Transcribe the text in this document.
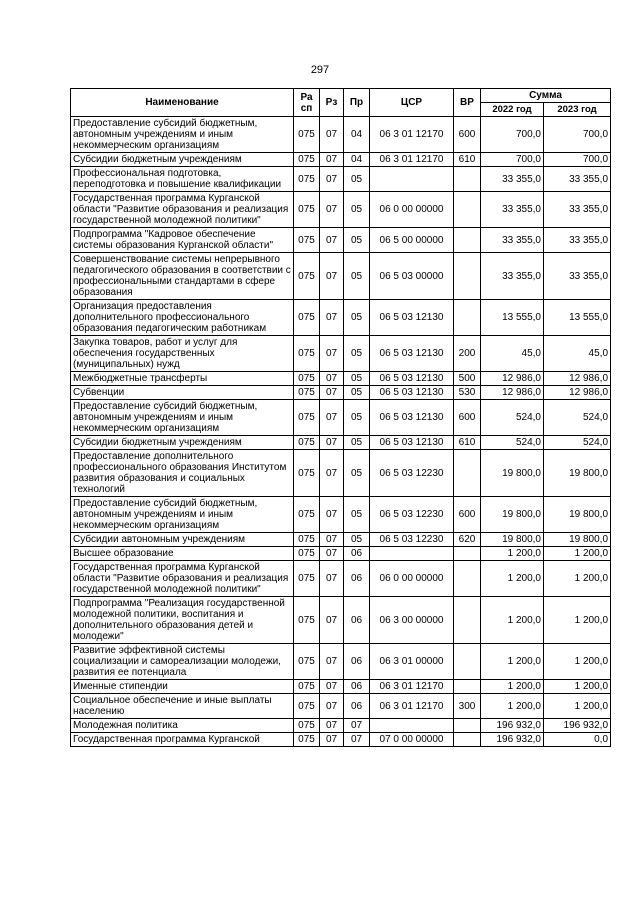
297
Наименование	Ра сп	Рз	Пр	ЦСР	ВР	Сумма	
						2022 год	2023 год
Предоставление субсидий бюджетным, автономным учреждениям и иным некоммерческим организациям	075	07	04	06 3 01 12170	600	700,0	700,0
Субсидии бюджетным учреждениям	075	07	04	06 3 01 12170	610	700,0	700,0
Профессиональная подготовка, переподготовка и повышение квалификации	075	07	05			33 355,0	33 355,0
Государственная программа Курганской области "Развитие образования и реализация государственной молодежной политики"	075	07	05	06 0 00 00000		33 355,0	33 355,0
Подпрограмма "Кадровое обеспечение системы образования Курганской области"	075	07	05	06 5 00 00000		33 355,0	33 355,0
Совершенствование системы непрерывного педагогического образования в соответствии с профессиональными стандартами в сфере образования	075	07	05	06 5 03 00000		33 355,0	33 355,0
Организация предоставления дополнительного профессионального образования педагогическим работникам	075	07	05	06 5 03 12130		13 555,0	13 555,0
Закупка товаров, работ и услуг для обеспечения государственных (муниципальных) нужд	075	07	05	06 5 03 12130	200	45,0	45,0
Межбюджетные трансферты	075	07	05	06 5 03 12130	500	12 986,0	12 986,0
Субвенции	075	07	05	06 5 03 12130	530	12 986,0	12 986,0
Предоставление субсидий бюджетным, автономным учреждениям и иным некоммерческим организациям	075	07	05	06 5 03 12130	600	524,0	524,0
Субсидии бюджетным учреждениям	075	07	05	06 5 03 12130	610	524,0	524,0
Предоставление дополнительного профессионального образования Институтом развития образования и социальных технологий	075	07	05	06 5 03 12230		19 800,0	19 800,0
Предоставление субсидий бюджетным, автономным учреждениям и иным некоммерческим организациям	075	07	05	06 5 03 12230	600	19 800,0	19 800,0
Субсидии автономным учреждениям	075	07	05	06 5 03 12230	620	19 800,0	19 800,0
Высшее образование	075	07	06			1 200,0	1 200,0
Государственная программа Курганской области "Развитие образования и реализация государственной молодежной политики"	075	07	06	06 0 00 00000		1 200,0	1 200,0
Подпрограмма "Реализация государственной молодежной политики, воспитания и дополнительного образования детей и молодежи"	075	07	06	06 3 00 00000		1 200,0	1 200,0
Развитие эффективной системы социализации и самореализации молодежи, развития ее потенциала	075	07	06	06 3 01 00000		1 200,0	1 200,0
Именные стипендии	075	07	06	06 3 01 12170		1 200,0	1 200,0
Социальное обеспечение и иные выплаты населению	075	07	06	06 3 01 12170	300	1 200,0	1 200,0
Молодежная политика	075	07	07			196 932,0	196 932,0
Государственная программа Курганской	075	07	07	07 0 00 00000		196 932,0	0,0
